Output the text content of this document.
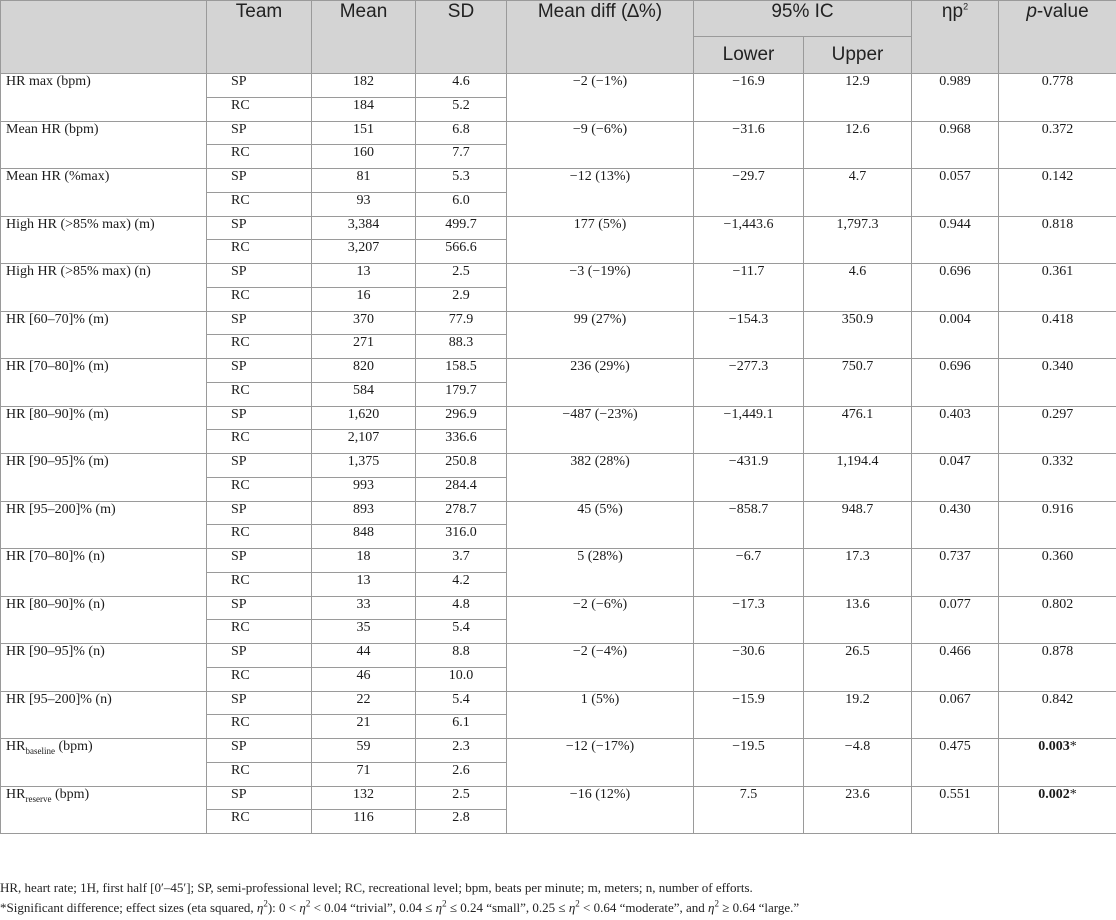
	Team	Mean	SD	Mean diff (∆%)	95% IC		$\eta p^2$	p-value
					Lower	Upper		
HR max (bpm)	SP	182	4.6	−2 (−1%)	−16.9	12.9	0.989	0.778
	RC	184	5.2					
Mean HR (bpm)	SP	151	6.8	−9 (−6%)	−31.6	12.6	0.968	0.372
	RC	160	7.7					
Mean HR (%max)	SP	81	5.3	−12 (13%)	−29.7	4.7	0.057	0.142
	RC	93	6.0					
High HR (>85% max) (m)	SP	3,384	499.7	177 (5%)	−1,443.6	1,797.3	0.944	0.818
	RC	3,207	566.6					
High HR (>85% max) (n)	SP	13	2.5	−3 (−19%)	−11.7	4.6	0.696	0.361
	RC	16	2.9					
HR [60–70]% (m)	SP	370	77.9	99 (27%)	−154.3	350.9	0.004	0.418
	RC	271	88.3					
HR [70–80]% (m)	SP	820	158.5	236 (29%)	−277.3	750.7	0.696	0.340
	RC	584	179.7					
HR [80–90]% (m)	SP	1,620	296.9	−487 (−23%)	−1,449.1	476.1	0.403	0.297
	RC	2,107	336.6					
HR [90–95]% (m)	SP	1,375	250.8	382 (28%)	−431.9	1,194.4	0.047	0.332
	RC	993	284.4					
HR [95–200]% (m)	SP	893	278.7	45 (5%)	−858.7	948.7	0.430	0.916
	RC	848	316.0					
HR [70–80]% (n)	SP	18	3.7	5 (28%)	−6.7	17.3	0.737	0.360
	RC	13	4.2					
HR [80–90]% (n)	SP	33	4.8	−2 (−6%)	−17.3	13.6	0.077	0.802
	RC	35	5.4					
HR [90–95]% (n)	SP	44	8.8	−2 (−4%)	−30.6	26.5	0.466	0.878
	RC	46	10.0					
HR [95–200]% (n)	SP	22	5.4	1 (5%)	−15.9	19.2	0.067	0.842
	RC	21	6.1					
$HR_{baseline}$ (bpm)	SP	59	2.3	−12 (−17%)	−19.5	−4.8	0.475	0.003*
	RC	71	2.6					
$HR_{reserve}$ (bpm)	SP	132	2.5	−16 (12%)	7.5	23.6	0.551	0.002*
	RC	116	2.8					
HR, heart rate; 1H, first half [0′–45′]; SP, semi-professional level; RC, recreational level; bpm, beats per minute; m, meters; n, number of efforts.
*Significant difference; effect sizes (eta squared, $\eta^2$): $0 < \eta^2 < 0.04$ “trivial”, $0.04 \le \eta^2 \le 0.24$ “small”, $0.25 \le \eta^2 < 0.64$ “moderate”, and $\eta^2 \ge 0.64$ “large.”
